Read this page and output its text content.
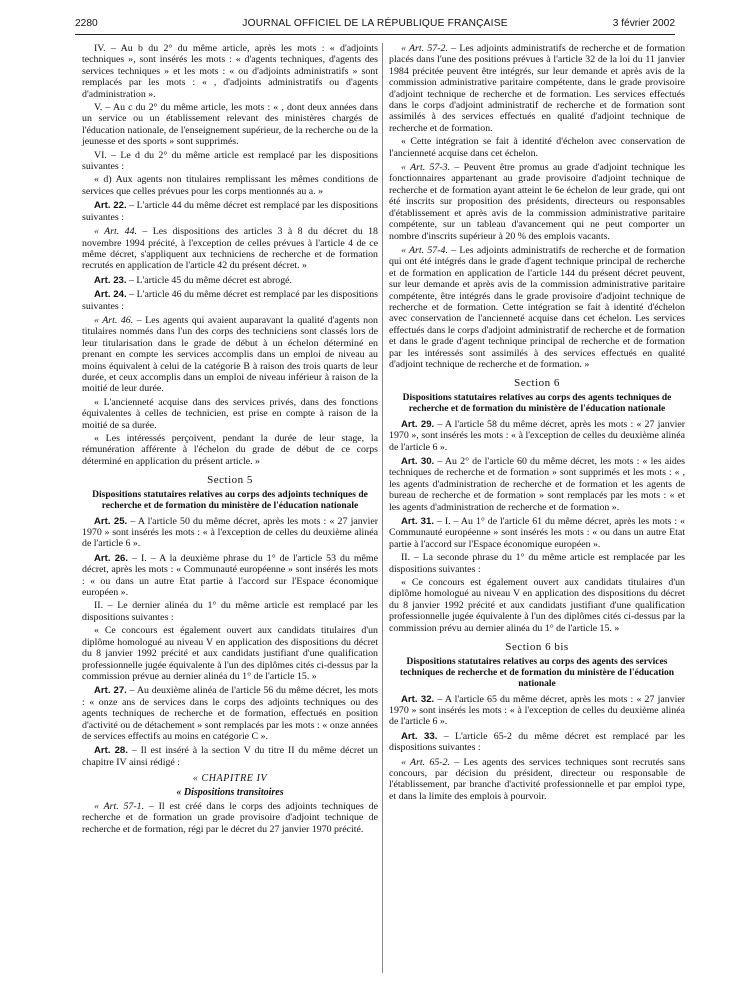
2280	JOURNAL OFFICIEL DE LA RÉPUBLIQUE FRANÇAISE	3 février 2002

IV. – Au b du 2° du même article, après les mots : « d'adjoints techniques », sont insérés les mots : « d'agents techniques, d'agents des services techniques » et les mots : « ou d'adjoints administratifs » sont remplacés par les mots : « , d'adjoints administratifs ou d'agents d'administration ».

V. – Au c du 2° du même article, les mots : « , dont deux années dans un service ou un établissement relevant des ministères chargés de l'éducation nationale, de l'enseignement supérieur, de la recherche ou de la jeunesse et des sports » sont supprimés.

VI. – Le d du 2° du même article est remplacé par les dispositions suivantes :

« d) Aux agents non titulaires remplissant les mêmes conditions de services que celles prévues pour les corps mentionnés au a. »

Art. 22. – L'article 44 du même décret est remplacé par les dispositions suivantes :

« Art. 44. – Les dispositions des articles 3 à 8 du décret du 18 novembre 1994 précité, à l'exception de celles prévues à l'article 4 de ce même décret, s'appliquent aux techniciens de recherche et de formation recrutés en application de l'article 42 du présent décret. »

Art. 23. – L'article 45 du même décret est abrogé.

Art. 24. – L'article 46 du même décret est remplacé par les dispositions suivantes :

« Art. 46. – Les agents qui avaient auparavant la qualité d'agents non titulaires nommés dans l'un des corps des techniciens sont classés lors de leur titularisation dans le grade de début à un échelon déterminé en prenant en compte les services accomplis dans un emploi de niveau au moins équivalent à celui de la catégorie B à raison des trois quarts de leur durée, et ceux accomplis dans un emploi de niveau inférieur à raison de la moitié de leur durée.

« L'ancienneté acquise dans des services privés, dans des fonctions équivalentes à celles de technicien, est prise en compte à raison de la moitié de sa durée.

« Les intéressés perçoivent, pendant la durée de leur stage, la rémunération afférente à l'échelon du grade de début de ce corps déterminé en application du présent article. »

Section 5
Dispositions statutaires relatives au corps des adjoints techniques de recherche et de formation du ministère de l'éducation nationale

Art. 25. – A l'article 50 du même décret, après les mots : « 27 janvier 1970 » sont insérés les mots : « à l'exception de celles du deuxième alinéa de l'article 6 ».

Art. 26. – I. – A la deuxième phrase du 1° de l'article 53 du même décret, après les mots : « Communauté européenne » sont insérés les mots : « ou dans un autre Etat partie à l'accord sur l'Espace économique européen ».

II. – Le dernier alinéa du 1° du même article est remplacé par les dispositions suivantes :

« Ce concours est également ouvert aux candidats titulaires d'un diplôme homologué au niveau V en application des dispositions du décret du 8 janvier 1992 précité et aux candidats justifiant d'une qualification professionnelle jugée équivalente à l'un des diplômes cités ci-dessus par la commission prévue au dernier alinéa du 1° de l'article 15. »

Art. 27. – Au deuxième alinéa de l'article 56 du même décret, les mots : « onze ans de services dans le corps des adjoints techniques ou des agents techniques de recherche et de formation, effectués en position d'activité ou de détachement » sont remplacés par les mots : « onze années de services effectifs au moins en catégorie C ».

Art. 28. – Il est inséré à la section V du titre II du même décret un chapitre IV ainsi rédigé :

« CHAPITRE IV
« Dispositions transitoires

« Art. 57-1. – Il est créé dans le corps des adjoints techniques de recherche et de formation un grade provisoire d'adjoint technique de recherche et de formation, régi par le décret du 27 janvier 1970 précité.

« Art. 57-2. – Les adjoints administratifs de recherche et de formation placés dans l'une des positions prévues à l'article 32 de la loi du 11 janvier 1984 précitée peuvent être intégrés, sur leur demande et après avis de la commission administrative paritaire compétente, dans le grade provisoire d'adjoint technique de recherche et de formation. Les services effectués dans le corps d'adjoint administratif de recherche et de formation sont assimilés à des services effectués en qualité d'adjoint technique de recherche et de formation.

« Cette intégration se fait à identité d'échelon avec conservation de l'ancienneté acquise dans cet échelon.

« Art. 57-3. – Peuvent être promus au grade d'adjoint technique les fonctionnaires appartenant au grade provisoire d'adjoint technique de recherche et de formation ayant atteint le 6e échelon de leur grade, qui ont été inscrits sur proposition des présidents, directeurs ou responsables d'établissement et après avis de la commission administrative paritaire compétente, sur un tableau d'avancement qui ne peut comporter un nombre d'inscrits supérieur à 20 % des emplois vacants.

« Art. 57-4. – Les adjoints administratifs de recherche et de formation qui ont été intégrés dans le grade d'agent technique principal de recherche et de formation en application de l'article 144 du présent décret peuvent, sur leur demande et après avis de la commission administrative paritaire compétente, être intégrés dans le grade provisoire d'adjoint technique de recherche et de formation. Cette intégration se fait à identité d'échelon avec conservation de l'ancienneté acquise dans cet échelon. Les services effectués dans le corps d'adjoint administratif de recherche et de formation et dans le grade d'agent technique principal de recherche et de formation par les intéressés sont assimilés à des services effectués en qualité d'adjoint technique de recherche et de formation. »

Section 6
Dispositions statutaires relatives au corps des agents techniques de recherche et de formation du ministère de l'éducation nationale

Art. 29. – A l'article 58 du même décret, après les mots : « 27 janvier 1970 », sont insérés les mots : « à l'exception de celles du deuxième alinéa de l'article 6 ».

Art. 30. – Au 2° de l'article 60 du même décret, les mots : « les aides techniques de recherche et de formation » sont supprimés et les mots : « , les agents d'administration de recherche et de formation et les agents de bureau de recherche et de formation » sont remplacés par les mots : « et les agents d'administration de recherche et de formation ».

Art. 31. – I. – Au 1° de l'article 61 du même décret, après les mots : « Communauté européenne » sont insérés les mots : « ou dans un autre Etat partie à l'accord sur l'Espace économique européen ».

II. – La seconde phrase du 1° du même article est remplacée par les dispositions suivantes :

« Ce concours est également ouvert aux candidats titulaires d'un diplôme homologué au niveau V en application des dispositions du décret du 8 janvier 1992 précité et aux candidats justifiant d'une qualification professionnelle jugée équivalente à l'un des diplômes cités ci-dessus par la commission prévu au dernier alinéa du 1° de l'article 15. »

Section 6 bis
Dispositions statutaires relatives au corps des agents des services techniques de recherche et de formation du ministère de l'éducation nationale

Art. 32. – A l'article 65 du même décret, après les mots : « 27 janvier 1970 » sont insérés les mots : « à l'exception de celles du deuxième alinéa de l'article 6 ».

Art. 33. – L'article 65-2 du même décret est remplacé par les dispositions suivantes :

« Art. 65-2. – Les agents des services techniques sont recrutés sans concours, par décision du président, directeur ou responsable de l'établissement, par branche d'activité professionnelle et par emploi type, et dans la limite des emplois à pourvoir.
